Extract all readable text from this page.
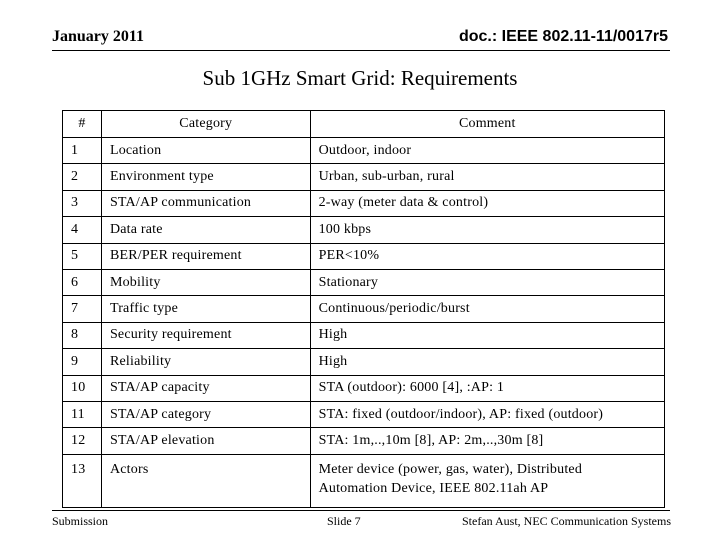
January 2011	doc.: IEEE 802.11-11/0017r5
Sub 1GHz Smart Grid: Requirements
#	Category	Comment
1	Location	Outdoor, indoor
2	Environment type	Urban, sub-urban, rural
3	STA/AP communication	2-way (meter data & control)
4	Data rate	100 kbps
5	BER/PER requirement	PER<10%
6	Mobility	Stationary
7	Traffic type	Continuous/periodic/burst
8	Security requirement	High
9	Reliability	High
10	STA/AP capacity	STA (outdoor): 6000 [4], :AP: 1
11	STA/AP category	STA: fixed (outdoor/indoor), AP: fixed (outdoor)
12	STA/AP elevation	STA: 1m,..,10m [8], AP: 2m,..,30m [8]
13	Actors	Meter device (power, gas, water), Distributed
Automation Device, IEEE 802.11ah AP
Submission	Slide 7	Stefan Aust, NEC Communication Systems
